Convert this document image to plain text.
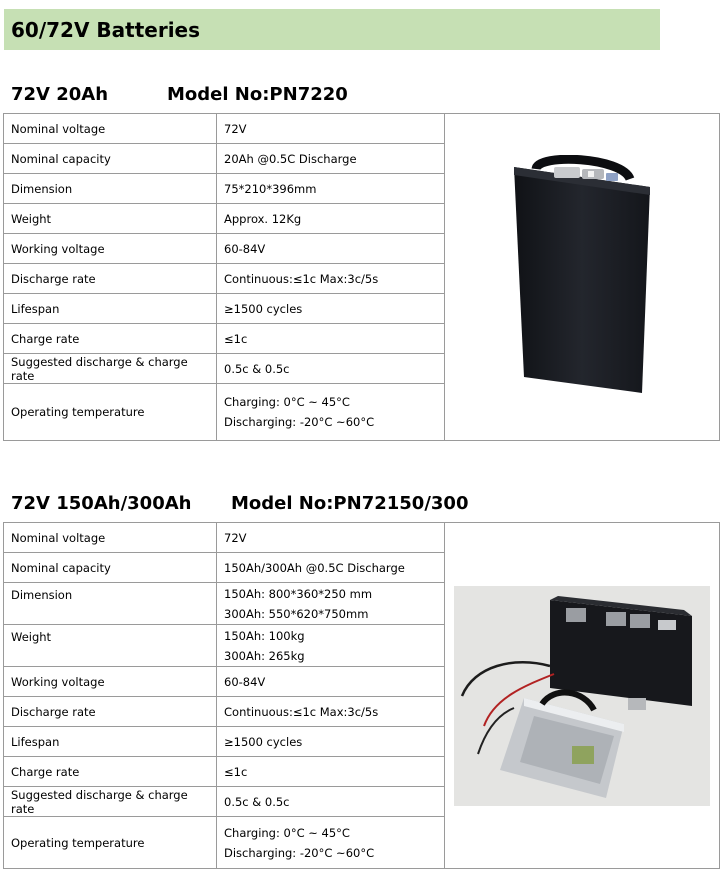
60/72V Batteries
72V 20Ah	Model No:PN7220
Nominal voltage	72V	

Nominal capacity	20Ah @0.5C Discharge	
Dimension	75*210*396mm	
Weight	Approx. 12Kg	
Working voltage	60-84V	
Discharge rate	Continuous:≤1c Max:3c/5s	
Lifespan	≥1500 cycles	
Charge rate	≤1c	
Suggested discharge & charge rate	0.5c & 0.5c	
Operating temperature	Charging: 0°C ~ 45°C
Discharging: -20°C ~60°C	
72V 150Ah/300Ah Model No:PN72150/300
Nominal voltage	72V	

Nominal capacity	150Ah/300Ah @0.5C Discharge	
Dimension	150Ah: 800*360*250 mm
300Ah: 550*620*750mm	

Weight	150Ah: 100kg
300Ah: 265kg	

Working voltage	60-84V	
Discharge rate	Continuous:≤1c Max:3c/5s	
Lifespan	≥1500 cycles	
Charge rate	≤1c	
Suggested discharge & charge rate	0.5c & 0.5c	
Operating temperature	Charging: 0°C ~ 45°C
Discharging: -20°C ~60°C	
